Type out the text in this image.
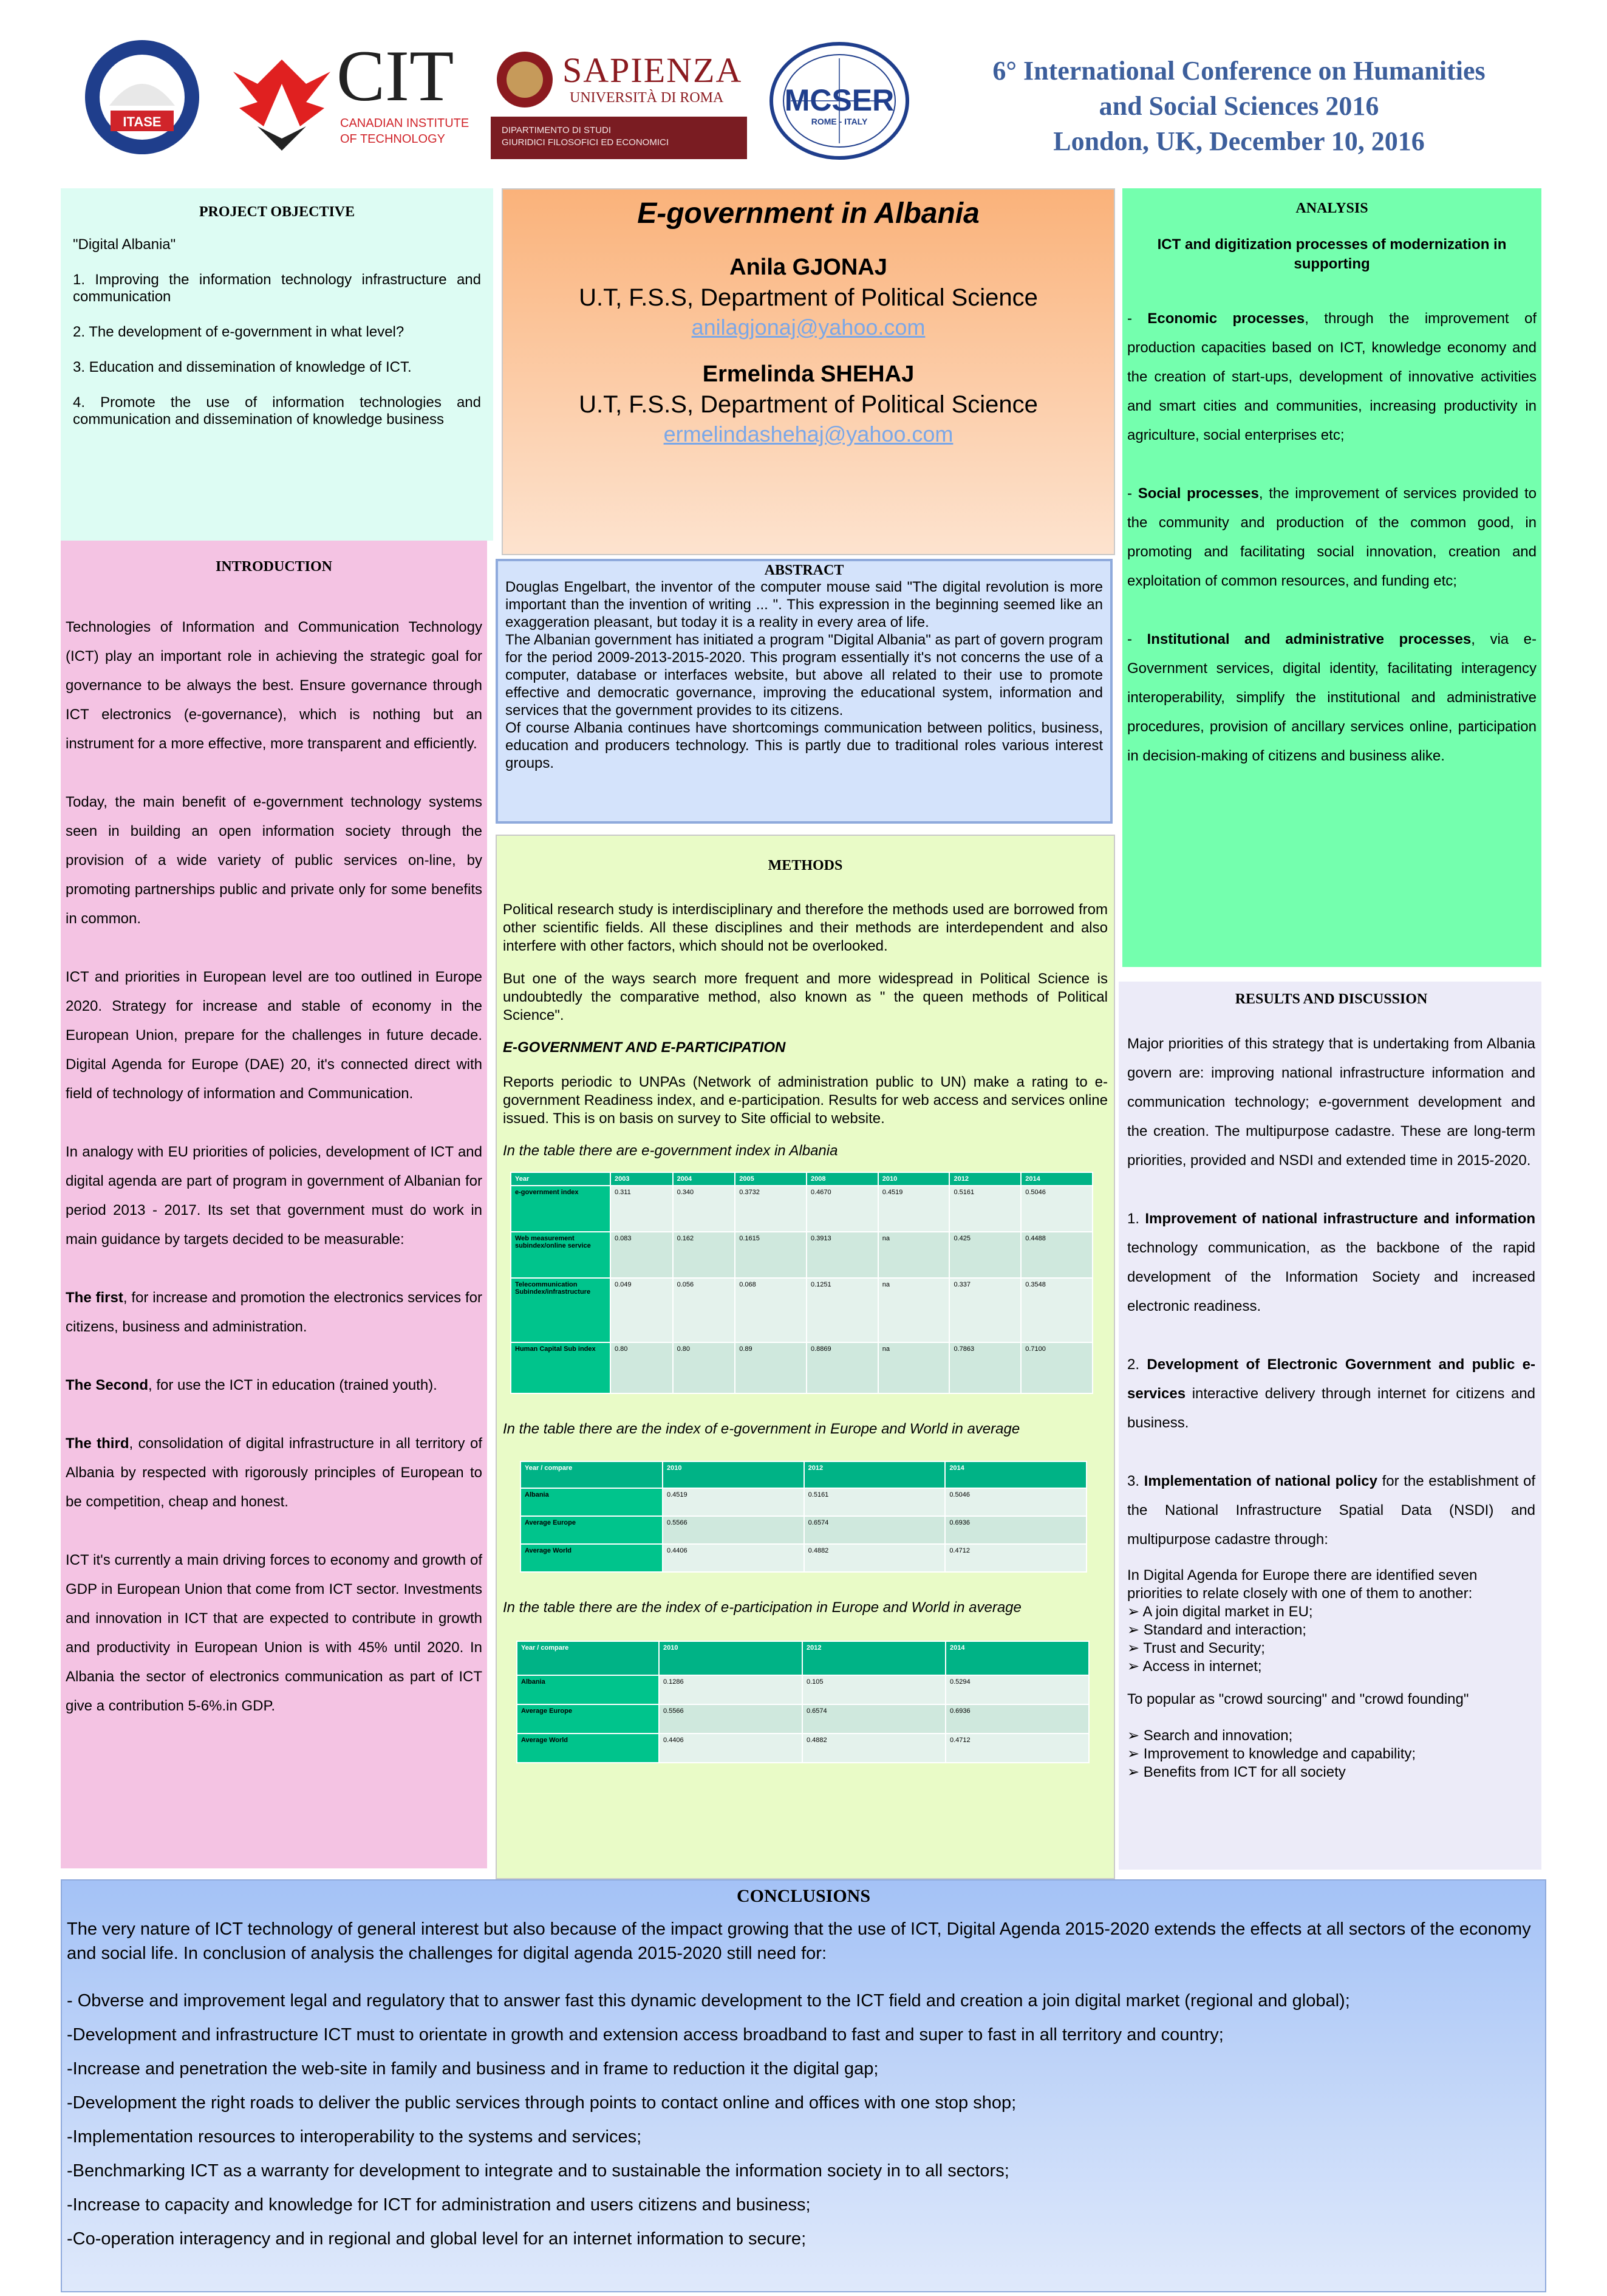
ITASE
CIT
CANADIAN INSTITUTE OF TECHNOLOGY
SAPIENZA
UNIVERSITÀ DI ROMA
DIPARTIMENTO DI STUDI
GIURIDICI FILOSOFICI ED ECONOMICI
MCSER
ROME - ITALY
6° International Conference on Humanities
and Social Sciences 2016
London, UK, December 10, 2016
PROJECT OBJECTIVE

"Digital Albania"

1. Improving the information technology infrastructure and communication

2. The development of e-government in what level?

3. Education and dissemination of knowledge of ICT.

4. Promote the use of information technologies and communication and dissemination of knowledge business

E-government in Albania
Anila GJONAJ
U.T, F.S.S, Department of Political Science
anilagjonaj@yahoo.com
Ermelinda SHEHAJ
U.T, F.S.S, Department of Political Science
ermelindashehaj@yahoo.com
ANALYSIS
ICT and digitization processes of modernization in supporting
- Economic processes, through the improvement of production capacities based on ICT, knowledge economy and the creation of start-ups, development of innovative activities and smart cities and communities, increasing productivity in agriculture, social enterprises etc;
- Social processes, the improvement of services provided to the community and production of the common good, in promoting and facilitating social innovation, creation and exploitation of common resources, and funding etc;
- Institutional and administrative processes, via e-Government services, digital identity, facilitating interagency interoperability, simplify the institutional and administrative procedures, provision of ancillary services online, participation in decision-making of citizens and business alike.
INTRODUCTION

Technologies of Information and Communication Technology (ICT) play an important role in achieving the strategic goal for governance to be always the best. Ensure governance through ICT electronics (e-governance), which is nothing but an instrument for a more effective, more transparent and efficiently.

Today, the main benefit of e-government technology systems seen in building an open information society through the provision of a wide variety of public services on-line, by promoting partnerships public and private only for some benefits in common.

ICT and priorities in European level are too outlined in Europe 2020. Strategy for increase and stable of economy in the European Union, prepare for the challenges in future decade. Digital Agenda for Europe (DAE) 20, it's connected direct with field of technology of information and Communication.

In analogy with EU priorities of policies, development of ICT and digital agenda are part of program in government of Albanian for period 2013 - 2017. Its set that government must do work in main guidance by targets decided to be measurable:

The first, for increase and promotion the electronics services for citizens, business and administration.

The Second, for use the ICT in education (trained youth).

The third, consolidation of digital infrastructure in all territory of Albania by respected with rigorously principles of European to be competition, cheap and honest.

ICT it's currently a main driving forces to economy and growth of GDP in European Union that come from ICT sector. Investments and innovation in ICT that are expected to contribute in growth and productivity in European Union is with 45% until 2020. In Albania the sector of electronics communication as part of ICT give a contribution 5-6%.in GDP.

ABSTRACT

Douglas Engelbart, the inventor of the computer mouse said "The digital revolution is more important than the invention of writing ... ". This expression in the beginning seemed like an exaggeration pleasant, but today it is a reality in every area of life.

The Albanian government has initiated a program "Digital Albania" as part of govern program for the period 2009-2013-2015-2020. This program essentially it's not concerns the use of a computer, database or interfaces website, but above all related to their use to promote effective and democratic governance, improving the educational system, information and services that the government provides to its citizens.

Of course Albania continues have shortcomings communication between politics, business, education and producers technology. This is partly due to traditional roles various interest groups.

METHODS

Political research study is interdisciplinary and therefore the methods used are borrowed from other scientific fields. All these disciplines and their methods are interdependent and also interfere with other factors, which should not be overlooked.

But one of the ways search more frequent and more widespread in Political Science is undoubtedly the comparative method, also known as " the queen methods of Political Science".

E-GOVERNMENT AND E-PARTICIPATION

Reports periodic to UNPAs (Network of administration public to UN) make a rating to e-government Readiness index, and e-participation. Results for web access and services online issued. This is on basis on survey to Site official to website.

In the table there are e-government index in Albania

Year	2003	2004	2005	2008	2010	2012	2014
e-government index	0.311	0.340	0.3732	0.4670	0.4519	0.5161	0.5046
Web measurement subindex/online service	0.083	0.162	0.1615	0.3913	na	0.425	0.4488
Telecommunication Subindex/infrastructure	0.049	0.056	0.068	0.1251	na	0.337	0.3548
Human Capital Sub index	0.80	0.80	0.89	0.8869	na	0.7863	0.7100

In the table there are the index of e-government in Europe and World in average

Year / compare	2010	2012	2014
Albania	0.4519	0.5161	0.5046
Average Europe	0.5566	0.6574	0.6936
Average World	0.4406	0.4882	0.4712

In the table there are the index of e-participation in Europe and World in average

Year / compare	2010	2012	2014
Albania	0.1286	0.105	0.5294
Average Europe	0.5566	0.6574	0.6936
Average World	0.4406	0.4882	0.4712
RESULTS AND DISCUSSION

Major priorities of this strategy that is undertaking from Albania govern are: improving national infrastructure information and communication technology; e-government development and the creation. The multipurpose cadastre. These are long-term priorities, provided and NSDI and extended time in 2015-2020.

1. Improvement of national infrastructure and information technology communication, as the backbone of the rapid development of the Information Society and increased electronic readiness.

2. Development of Electronic Government and public e-services interactive delivery through internet for citizens and business.

3. Implementation of national policy for the establishment of the National Infrastructure Spatial Data (NSDI) and multipurpose cadastre through:

In Digital Agenda for Europe there are identified seven priorities to relate closely with one of them to another:

➢ A join digital market in EU;
➢ Standard and interaction;
➢ Trust and Security;
➢ Access in internet;

To popular as "crowd sourcing" and "crowd founding"

➢ Search and innovation;
➢ Improvement to knowledge and capability;
➢ Benefits from ICT for all society
CONCLUSIONS

The very nature of ICT technology of general interest but also because of the impact growing that the use of ICT, Digital Agenda 2015-2020 extends the effects at all sectors of the economy and social life. In conclusion of analysis the challenges for digital agenda 2015-2020 still need for:

- Obverse and improvement legal and regulatory that to answer fast this dynamic development to the ICT field and creation a join digital market (regional and global);

-Development and infrastructure ICT must to orientate in growth and extension access broadband to fast and super to fast in all territory and country;

-Increase and penetration the web-site in family and business and in frame to reduction it the digital gap;

-Development the right roads to deliver the public services through points to contact online and offices with one stop shop;

-Implementation resources to interoperability to the systems and services;

-Benchmarking ICT as a warranty for development to integrate and to sustainable the information society in to all sectors;

-Increase to capacity and knowledge for ICT for administration and users citizens and business;

-Co-operation interagency and in regional and global level for an internet information to secure;
